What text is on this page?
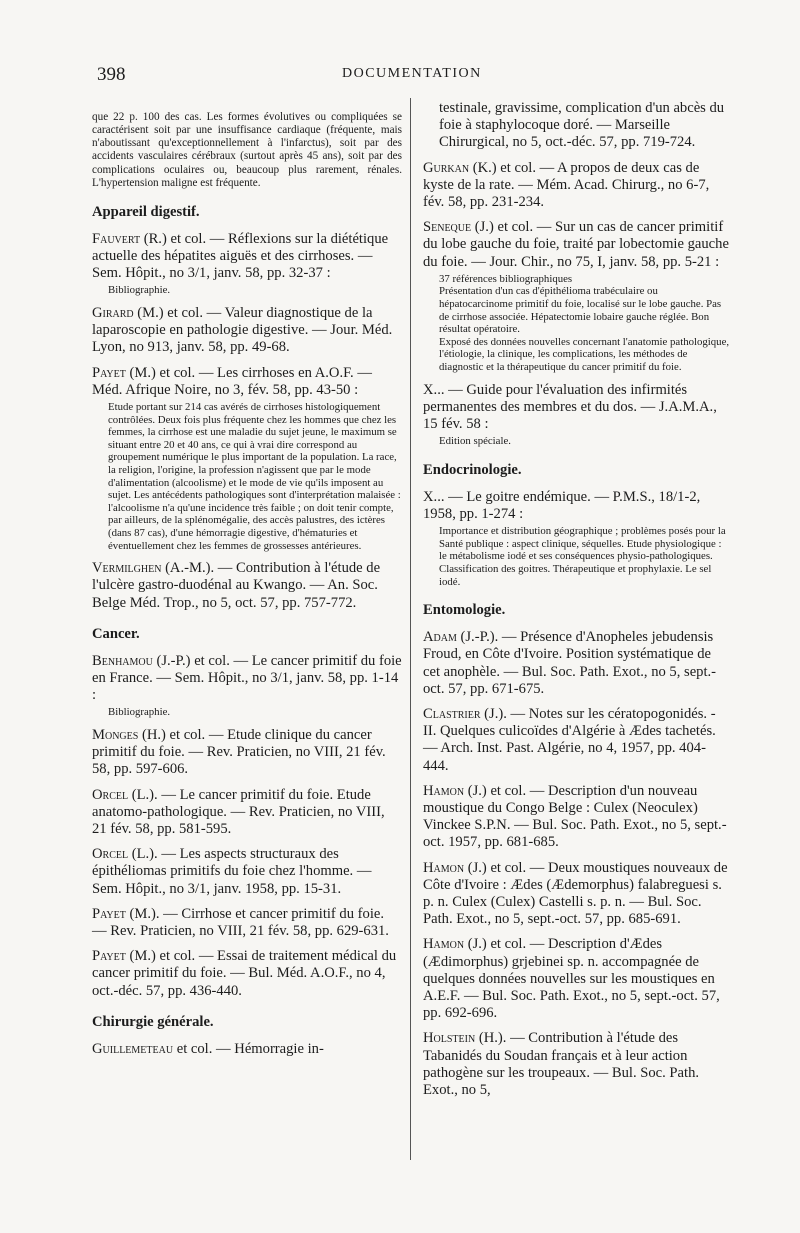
398	DOCUMENTATION

que 22 p. 100 des cas. Les formes évolutives ou compliquées se caractérisent soit par une insuffisance cardiaque (fréquente, mais n'aboutissant qu'exceptionnellement à l'infarctus), soit par des accidents vasculaires cérébraux (surtout après 45 ans), soit par des complications oculaires ou, beaucoup plus rarement, rénales. L'hypertension maligne est fréquente.

Appareil digestif.

Fauvert (R.) et col. — Réflexions sur la diététique actuelle des hépatites aiguës et des cirrhoses. — Sem. Hôpit., no 3/1, janv. 58, pp. 32-37 :

Bibliographie.

Girard (M.) et col. — Valeur diagnostique de la laparoscopie en pathologie digestive. — Jour. Méd. Lyon, no 913, janv. 58, pp. 49-68.

Payet (M.) et col. — Les cirrhoses en A.O.F. — Méd. Afrique Noire, no 3, fév. 58, pp. 43-50 :

Etude portant sur 214 cas avérés de cirrhoses histologiquement contrôlées. Deux fois plus fréquente chez les hommes que chez les femmes, la cirrhose est une maladie du sujet jeune, le maximum se situant entre 20 et 40 ans, ce qui à vrai dire correspond au groupement numérique le plus important de la population. La race, la religion, l'origine, la profession n'agissent que par le mode d'alimentation (alcoolisme) et le mode de vie qu'ils imposent au sujet. Les antécédents pathologiques sont d'interprétation malaisée : l'alcoolisme n'a qu'une incidence très faible ; on doit tenir compte, par ailleurs, de la splénomégalie, des accès palustres, des ictères (dans 87 cas), d'une hémorragie digestive, d'hématuries et éventuellement chez les femmes de grossesses antérieures.

Vermilghen (A.-M.). — Contribution à l'étude de l'ulcère gastro-duodénal au Kwango. — An. Soc. Belge Méd. Trop., no 5, oct. 57, pp. 757-772.

Cancer.

Benhamou (J.-P.) et col. — Le cancer primitif du foie en France. — Sem. Hôpit., no 3/1, janv. 58, pp. 1-14 :

Bibliographie.

Monges (H.) et col. — Etude clinique du cancer primitif du foie. — Rev. Praticien, no VIII, 21 fév. 58, pp. 597-606.

Orcel (L.). — Le cancer primitif du foie. Etude anatomo-pathologique. — Rev. Praticien, no VIII, 21 fév. 58, pp. 581-595.

Orcel (L.). — Les aspects structuraux des épithéliomas primitifs du foie chez l'homme. — Sem. Hôpit., no 3/1, janv. 1958, pp. 15-31.

Payet (M.). — Cirrhose et cancer primitif du foie. — Rev. Praticien, no VIII, 21 fév. 58, pp. 629-631.

Payet (M.) et col. — Essai de traitement médical du cancer primitif du foie. — Bul. Méd. A.O.F., no 4, oct.-déc. 57, pp. 436-440.

Chirurgie générale.

Guillemeteau et col. — Hémorragie in-

testinale, gravissime, complication d'un abcès du foie à staphylocoque doré. — Marseille Chirurgical, no 5, oct.-déc. 57, pp. 719-724.

Gurkan (K.) et col. — A propos de deux cas de kyste de la rate. — Mém. Acad. Chirurg., no 6-7, fév. 58, pp. 231-234.

Seneque (J.) et col. — Sur un cas de cancer primitif du lobe gauche du foie, traité par lobectomie gauche du foie. — Jour. Chir., no 75, I, janv. 58, pp. 5-21 :

37 références bibliographiques
Présentation d'un cas d'épithélioma trabéculaire ou hépatocarcinome primitif du foie, localisé sur le lobe gauche. Pas de cirrhose associée. Hépatectomie lobaire gauche réglée. Bon résultat opératoire.
Exposé des données nouvelles concernant l'anatomie pathologique, l'étiologie, la clinique, les complications, les méthodes de diagnostic et la thérapeutique du cancer primitif du foie.

X... — Guide pour l'évaluation des infirmités permanentes des membres et du dos. — J.A.M.A., 15 fév. 58 :

Edition spéciale.
Endocrinologie.

X... — Le goitre endémique. — P.M.S., 18/1-2, 1958, pp. 1-274 :

Importance et distribution géographique ; problèmes posés pour la Santé publique : aspect clinique, séquelles. Etude physiologique : le métabolisme iodé et ses conséquences physio-pathologiques. Classification des goitres. Thérapeutique et prophylaxie. Le sel iodé.
Entomologie.

Adam (J.-P.). — Présence d'Anopheles jebudensis Froud, en Côte d'Ivoire. Position systématique de cet anophèle. — Bul. Soc. Path. Exot., no 5, sept.-oct. 57, pp. 671-675.

Clastrier (J.). — Notes sur les cératopogonidés. - II. Quelques culicoïdes d'Algérie à Ædes tachetés. — Arch. Inst. Past. Algérie, no 4, 1957, pp. 404-444.

Hamon (J.) et col. — Description d'un nouveau moustique du Congo Belge : Culex (Neoculex) Vinckee S.P.N. — Bul. Soc. Path. Exot., no 5, sept.-oct. 1957, pp. 681-685.

Hamon (J.) et col. — Deux moustiques nouveaux de Côte d'Ivoire : Ædes (Ædemorphus) falabreguesi s. p. n. Culex (Culex) Castelli s. p. n. — Bul. Soc. Path. Exot., no 5, sept.-oct. 57, pp. 685-691.

Hamon (J.) et col. — Description d'Ædes (Ædimorphus) grjebinei sp. n. accompagnée de quelques données nouvelles sur les moustiques en A.E.F. — Bul. Soc. Path. Exot., no 5, sept.-oct. 57, pp. 692-696.

Holstein (H.). — Contribution à l'étude des Tabanidés du Soudan français et à leur action pathogène sur les troupeaux. — Bul. Soc. Path. Exot., no 5,
